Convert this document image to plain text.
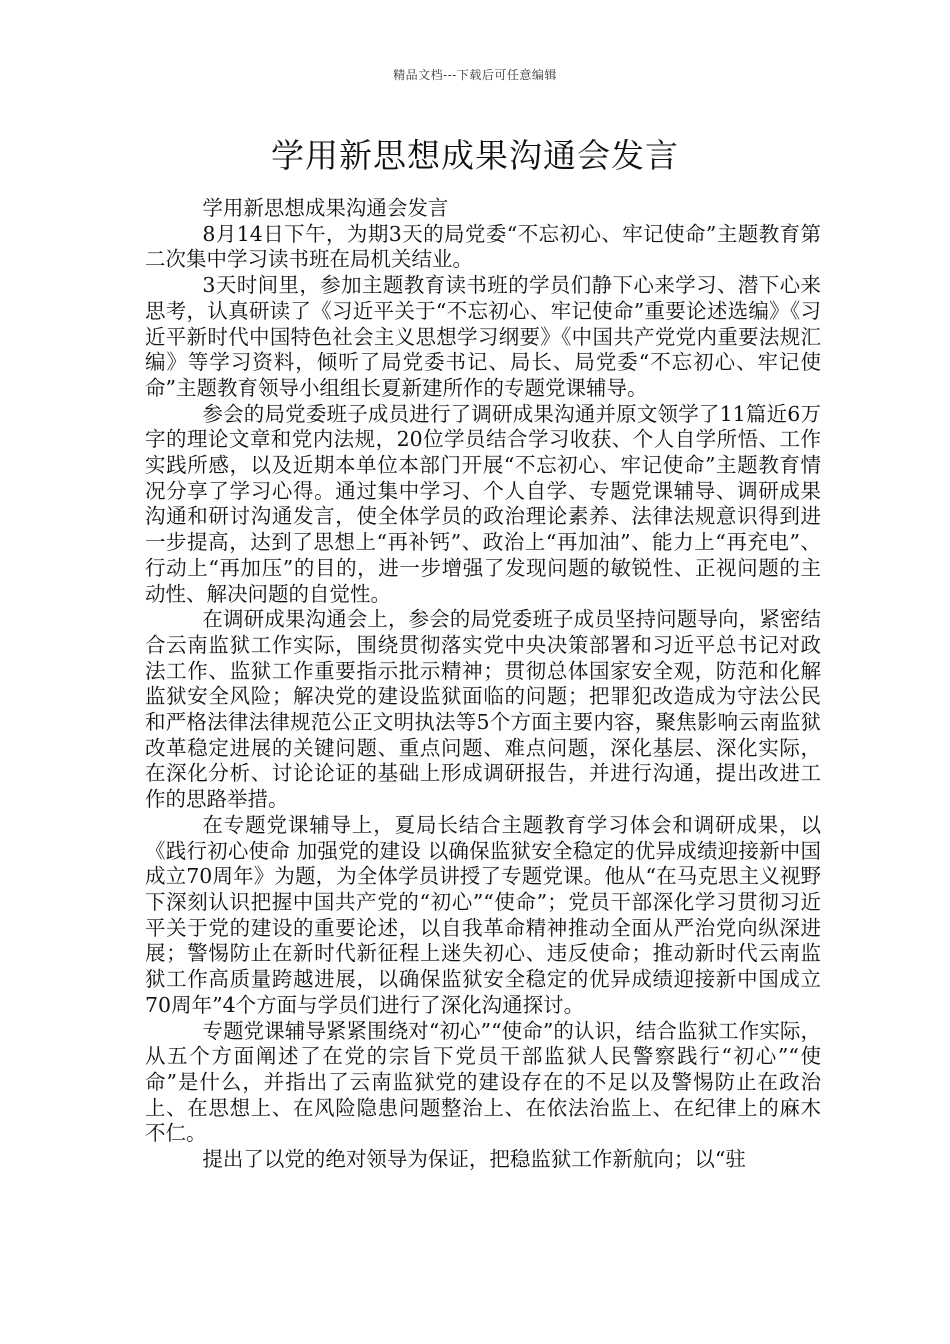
精品文档---下载后可任意编辑
学用新思想成果沟通会发言

学用新思想成果沟通会发言

8月14日下午，为期3天的局党委“不忘初心、牢记使命”主题教育第二次集中学习读书班在局机关结业。

3天时间里，参加主题教育读书班的学员们静下心来学习、潜下心来思考，认真研读了《习近平关于“不忘初心、牢记使命”重要论述选编》《习近平新时代中国特色社会主义思想学习纲要》《中国共产党党内重要法规汇编》等学习资料，倾听了局党委书记、局长、局党委“不忘初心、牢记使命”主题教育领导小组组长夏新建所作的专题党课辅导。

参会的局党委班子成员进行了调研成果沟通并原文领学了11篇近6万字的理论文章和党内法规，20位学员结合学习收获、个人自学所悟、工作实践所感，以及近期本单位本部门开展“不忘初心、牢记使命”主题教育情况分享了学习心得。通过集中学习、个人自学、专题党课辅导、调研成果沟通和研讨沟通发言，使全体学员的政治理论素养、法律法规意识得到进一步提高，达到了思想上“再补钙”、政治上“再加油”、能力上“再充电”、行动上“再加压”的目的，进一步增强了发现问题的敏锐性、正视问题的主动性、解决问题的自觉性。

在调研成果沟通会上，参会的局党委班子成员坚持问题导向，紧密结合云南监狱工作实际，围绕贯彻落实党中央决策部署和习近平总书记对政法工作、监狱工作重要指示批示精神；贯彻总体国家安全观，防范和化解监狱安全风险；解决党的建设监狱面临的问题；把罪犯改造成为守法公民和严格法律法律规范公正文明执法等5个方面主要内容，聚焦影响云南监狱改革稳定进展的关键问题、重点问题、难点问题，深化基层、深化实际，在深化分析、讨论论证的基础上形成调研报告，并进行沟通，提出改进工作的思路举措。

在专题党课辅导上，夏局长结合主题教育学习体会和调研成果，以《践行初心使命 加强党的建设 以确保监狱安全稳定的优异成绩迎接新中国成立70周年》为题，为全体学员讲授了专题党课。他从“在马克思主义视野下深刻认识把握中国共产党的“初心”“使命”；党员干部深化学习贯彻习近平关于党的建设的重要论述，以自我革命精神推动全面从严治党向纵深进展；警惕防止在新时代新征程上迷失初心、违反使命；推动新时代云南监狱工作高质量跨越进展，以确保监狱安全稳定的优异成绩迎接新中国成立70周年”4个方面与学员们进行了深化沟通探讨。

专题党课辅导紧紧围绕对“初心”“使命”的认识，结合监狱工作实际，从五个方面阐述了在党的宗旨下党员干部监狱人民警察践行“初心”“使命”是什么，并指出了云南监狱党的建设存在的不足以及警惕防止在政治上、在思想上、在风险隐患问题整治上、在依法治监上、在纪律上的麻木不仁。

提出了以党的绝对领导为保证，把稳监狱工作新航向；以“驻
